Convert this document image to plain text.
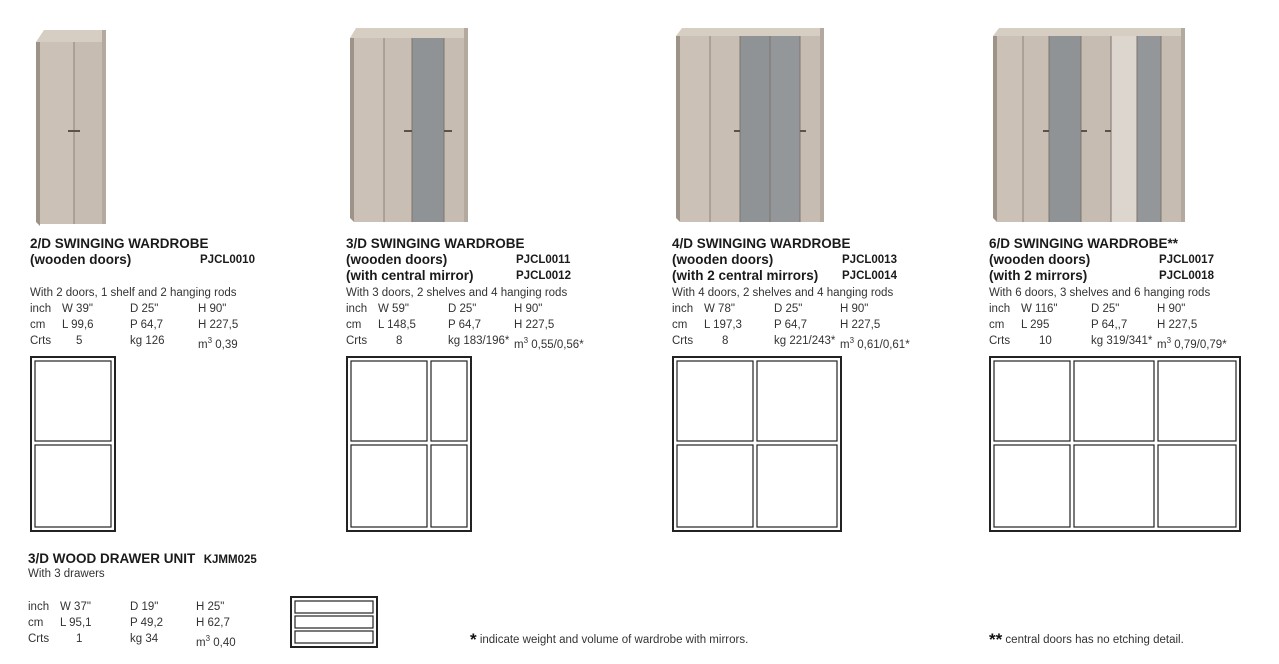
2/D SWINGING WARDROBE
(wooden doors)	PJCL0010
With 2 doors, 1 shelf and 2 hanging rods
inch W 39"	D 25"	H 90"
cm L 99,6	P 64,7	H 227,5
Crts 5	kg 126	$m^3$ 0,39
3/D SWINGING WARDROBE
(wooden doors)	PJCL0011
(with central mirror)	PJCL0012
With 3 doors, 2 shelves and 4 hanging rods
inch W 59"	D 25"	H 90"
cm L 148,5	P 64,7	H 227,5
Crts	8	kg 183/196* $m^3$ 0,55/0,56*
4/D SWINGING WARDROBE
(wooden doors)	PJCL0013
(with 2 central mirrors) PJCL0014
With 4 doors, 2 shelves and 4 hanging rods
inch W 78"	D 25"	H 90"
cm L 197,3	P 64,7	H 227,5
Crts	8	kg 221/243* $m^3$ 0,61/0,61*
6/D SWINGING WARDROBE**
(wooden doors)	PJCL0017
(with 2 mirrors)	PJCL0018
With 6 doors, 3 shelves and 6 hanging rods
inch W 116"	D 25"	H 90"
cm L 295	P 64,,7	H 227,5
Crts	10	kg 319/341* $m^3$ 0,79/0,79*
3/D WOOD DRAWER UNIT KJMM025
With 3 drawers
inch W 37"	D 19"	H 25"
cm L 95,1	P 49,2	H 62,7
Crts 1	kg 34	$m^3$ 0,40	* indicate weight and volume of wardrobe with mirrors.	** central doors has no etching detail.
